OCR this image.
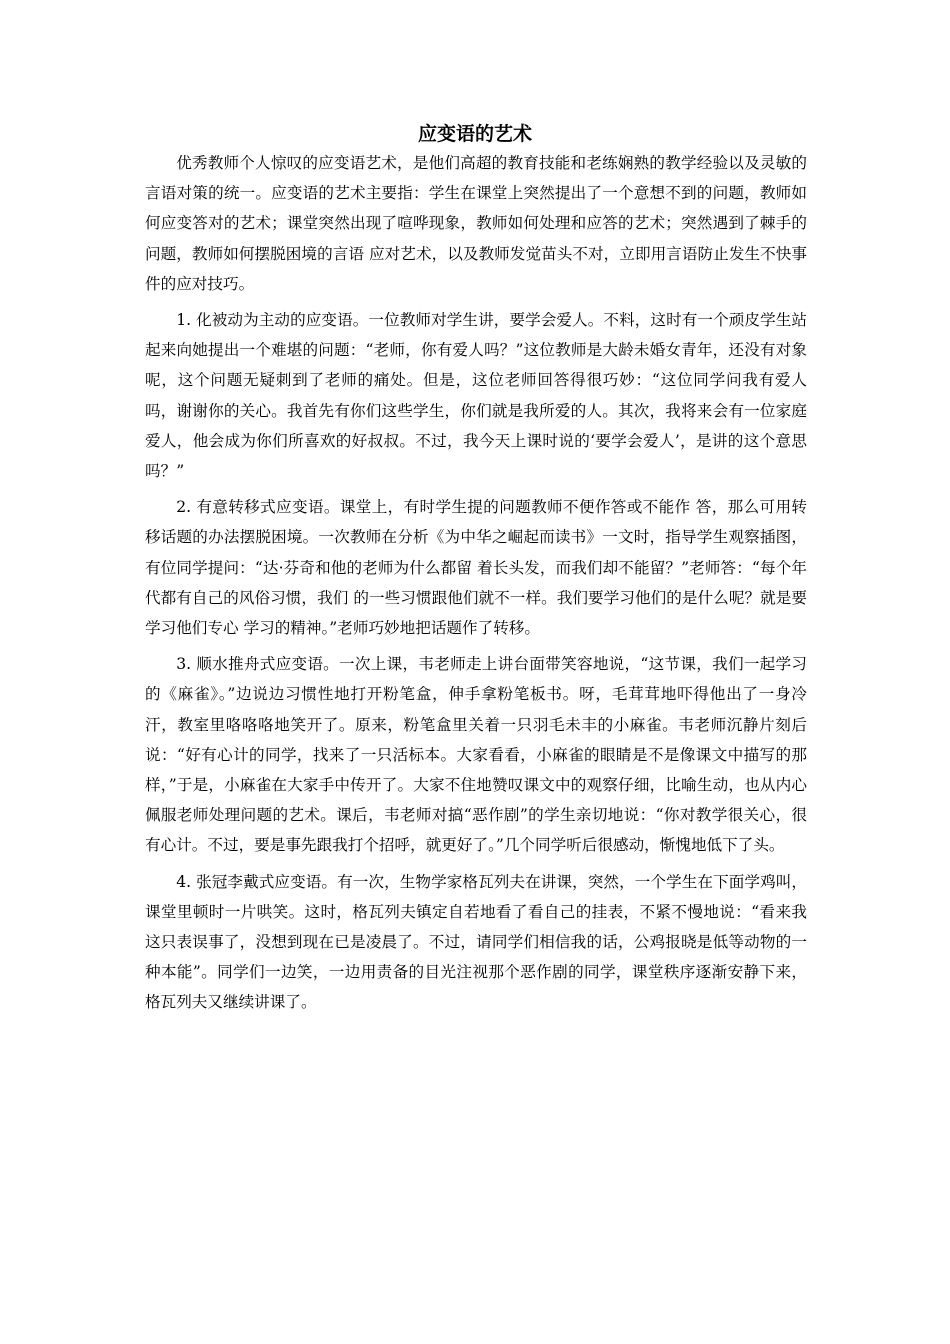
应变语的艺术

优秀教师个人惊叹的应变语艺术，是他们高超的教育技能和老练娴熟的教学经验以及灵敏的言语对策的统一。应变语的艺术主要指：学生在课堂上突然提出了一个意想不到的问题，教师如何应变答对的艺术；课堂突然出现了喧哗现象，教师如何处理和应答的艺术；突然遇到了棘手的问题，教师如何摆脱困境的言语 应对艺术，以及教师发觉苗头不对，立即用言语防止发生不快事件的应对技巧。

1. 化被动为主动的应变语。一位教师对学生讲，要学会爱人。不料，这时有一个顽皮学生站起来向她提出一个难堪的问题：“老师，你有爱人吗？”这位教师是大龄未婚女青年，还没有对象呢，这个问题无疑刺到了老师的痛处。但是，这位老师回答得很巧妙：“这位同学问我有爱人吗，谢谢你的关心。我首先有你们这些学生，你们就是我所爱的人。其次，我将来会有一位家庭爱人，他会成为你们所喜欢的好叔叔。不过，我今天上课时说的‘要学会爱人’，是讲的这个意思吗？”

2. 有意转移式应变语。课堂上，有时学生提的问题教师不便作答或不能作 答，那么可用转移话题的办法摆脱困境。一次教师在分析《为中华之崛起而读书》一文时，指导学生观察插图，有位同学提问：“达·芬奇和他的老师为什么都留 着长头发，而我们却不能留？”老师答：“每个年代都有自己的风俗习惯，我们 的一些习惯跟他们就不一样。我们要学习他们的是什么呢？就是要学习他们专心 学习的精神。”老师巧妙地把话题作了转移。

3. 顺水推舟式应变语。一次上课，韦老师走上讲台面带笑容地说，“这节课，我们一起学习的《麻雀》。”边说边习惯性地打开粉笔盒，伸手拿粉笔板书。呀，毛茸茸地吓得他出了一身冷汗，教室里咯咯咯地笑开了。原来，粉笔盒里关着一只羽毛未丰的小麻雀。韦老师沉静片刻后说：“好有心计的同学，找来了一只活标本。大家看看，小麻雀的眼睛是不是像课文中描写的那样，”于是，小麻雀在大家手中传开了。大家不住地赞叹课文中的观察仔细，比喻生动，也从内心 佩服老师处理问题的艺术。课后，韦老师对搞“恶作剧”的学生亲切地说：“你对教学很关心，很有心计。不过，要是事先跟我打个招呼，就更好了。”几个同学听后很感动，惭愧地低下了头。

4. 张冠李戴式应变语。有一次，生物学家格瓦列夫在讲课，突然，一个学生在下面学鸡叫，课堂里顿时一片哄笑。这时，格瓦列夫镇定自若地看了看自己的挂表，不紧不慢地说：“看来我这只表误事了，没想到现在已是凌晨了。不过，请同学们相信我的话，公鸡报晓是低等动物的一种本能”。同学们一边笑，一边用责备的目光注视那个恶作剧的同学，课堂秩序逐渐安静下来，格瓦列夫又继续讲课了。
